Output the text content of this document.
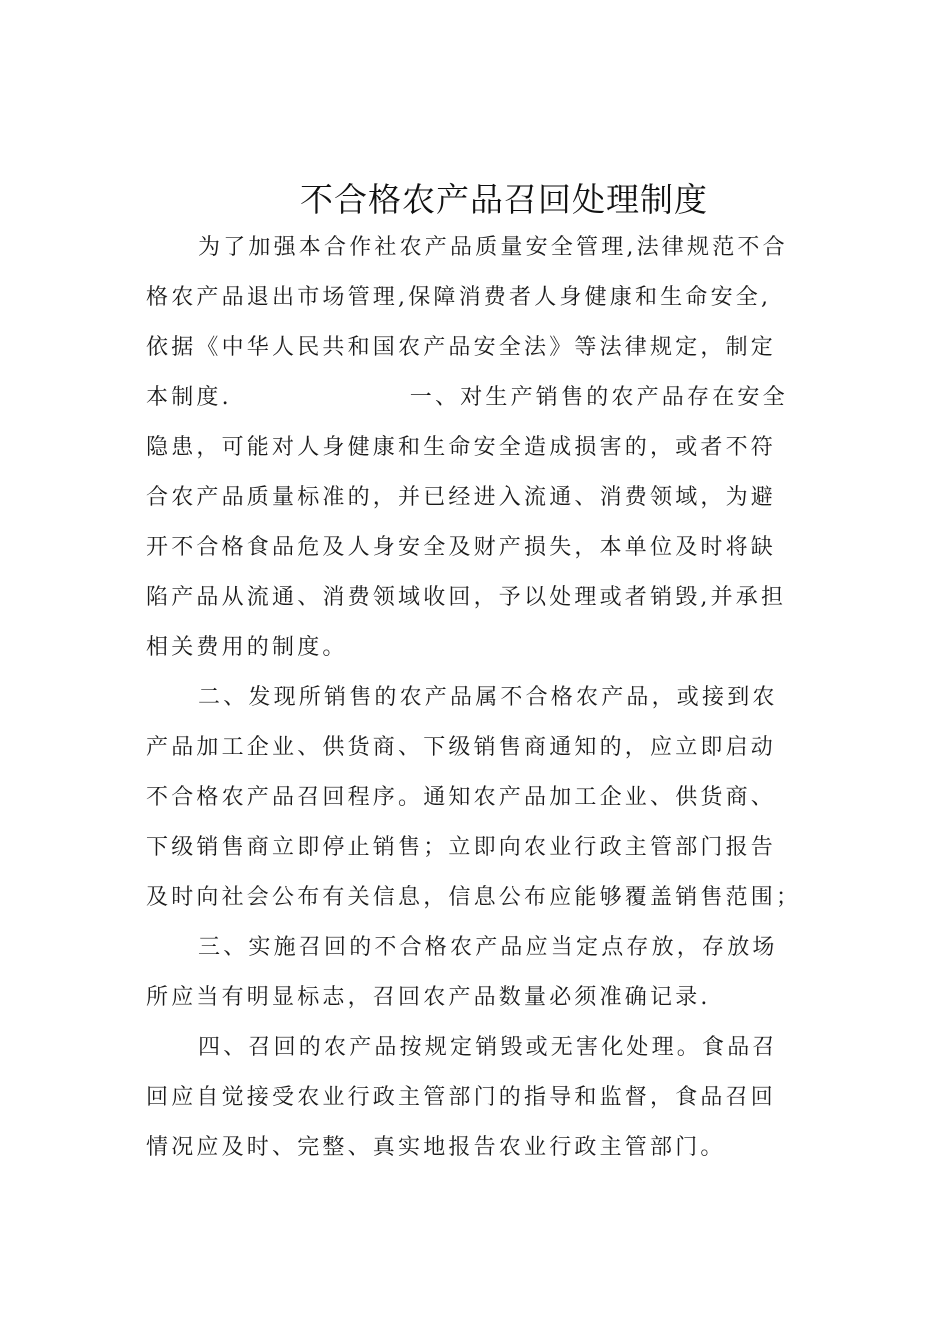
不合格农产品召回处理制度

为了加强本合作社农产品质量安全管理,法律规范不合

格农产品退出市场管理,保障消费者人身健康和生命安全,

依据《中华人民共和国农产品安全法》等法律规定，制定

本制度.	一、对生产销售的农产品存在安全

隐患，可能对人身健康和生命安全造成损害的，或者不符

合农产品质量标准的，并已经进入流通、消费领域，为避

开不合格食品危及人身安全及财产损失，本单位及时将缺

陷产品从流通、消费领域收回，予以处理或者销毁,并承担

相关费用的制度。

二、发现所销售的农产品属不合格农产品，或接到农

产品加工企业、供货商、下级销售商通知的，应立即启动

不合格农产品召回程序。通知农产品加工企业、供货商、

下级销售商立即停止销售；立即向农业行政主管部门报告

及时向社会公布有关信息，信息公布应能够覆盖销售范围；

三、实施召回的不合格农产品应当定点存放，存放场

所应当有明显标志，召回农产品数量必须准确记录.

四、召回的农产品按规定销毁或无害化处理。食品召

回应自觉接受农业行政主管部门的指导和监督，食品召回

情况应及时、完整、真实地报告农业行政主管部门。
